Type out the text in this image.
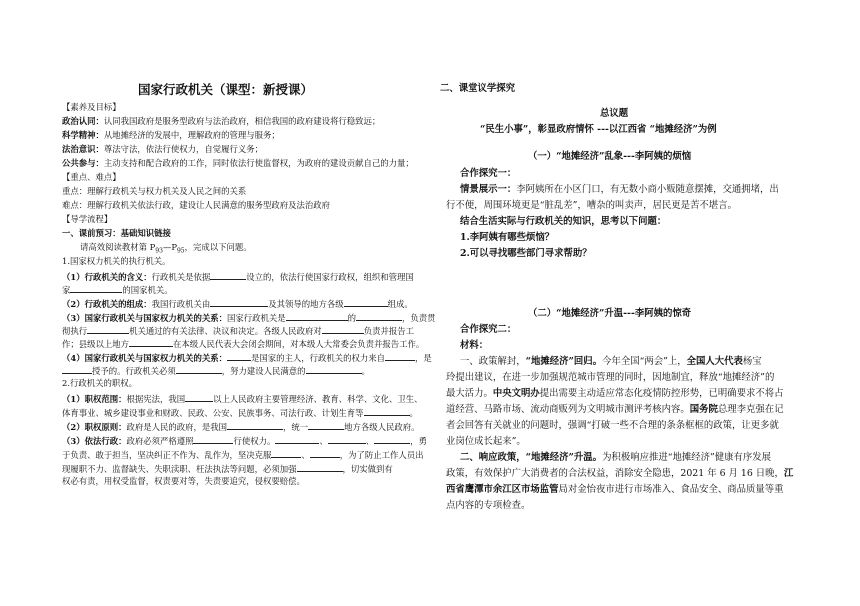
国家行政机关（课型：新授课）
【素养及目标】
政治认同：认同我国政府是服务型政府与法治政府，相信我国的政府建设将行稳致远；
科学精神：从地摊经济的发展中，理解政府的管理与服务；
法治意识：尊法守法，依法行使权力，自觉履行义务；
公共参与：主动支持和配合政府的工作，同时依法行使监督权，为政府的建设贡献自己的力量；
【重点、难点】
重点：理解行政机关与权力机关及人民之间的关系
难点：理解行政机关依法行政，建设让人民满意的服务型政府及法治政府
【导学流程】
一、课前预习：基础知识链接
请高效阅读教材第 $P_{93}—P_{95}$，完成以下问题。
1.国家权力机关的执行机关。
（1）行政机关的含义：行政机关是依据	设立的，依法行使国家行政权，组织和管理国
家	的国家机关。
（2）行政机关的组成：我国行政机关由	及其领导的地方各级	组成。
（3）国家行政机关与国家权力机关的关系：国家行政机关是	的	，负责贯
彻执行	机关通过的有关法律、决议和决定。各级人民政府对	负责并报告工
作；县级以上地方	在本级人民代表大会闭会期间，对本级人大常委会负责并报告工作。
（4）国家行政机关与国家权力机关的关系：	是国家的主人，行政机关的权力来自	，是
授予的。行政机关必须	，努力建设人民满意的	。
2.行政机关的职权。
（1）职权范围：根据宪法，我国	以上人民政府主要管理经济、教育、科学、文化、卫生、
体育事业、城乡建设事业和财政、民政、公安、民族事务、司法行政、计划生育等	。
（2）职权原则：政府是人民的政府，是我国	，统一	地方各级人民政府。
（3）依法行政：政府必须严格遵照	行使权力。	、	、	，勇
于负责、敢于担当，坚决纠正不作为、乱作为，坚决克服	、	，为了防止工作人员出
现履职不力、监督缺失、失职渎职、枉法执法等问题，必须加强	，切实做到有
权必有责，用权受监督，权责要对等，失责要追究，侵权要赔偿。
二、课堂议学探究
总议题
“民生小事”，彰显政府情怀 ---以江西省 “地摊经济”为例
（一）“地摊经济”乱象---李阿姨的烦恼
合作探究一：
情景展示一：李阿姨所在小区门口，有无数小商小贩随意摆摊，交通拥堵，出
行不便，周围环境更是“脏乱差”，嘈杂的叫卖声，居民更是苦不堪言。
结合生活实际与行政机关的知识，思考以下问题：
1.李阿姨有哪些烦恼？
2.可以寻找哪些部门寻求帮助？
（二）“地摊经济”升温---李阿姨的惊奇
合作探究二：
材料：
一、政策解封，“地摊经济”回归。今年全国“两会”上，全国人大代表杨宝
玲提出建议，在进一步加强规范城市管理的同时，因地制宜，释放“地摊经济”的
最大活力。中央文明办提出需要主动适应常态化疫情防控形势，已明确要求不将占
道经营、马路市场、流动商贩列为文明城市测评考核内容。国务院总理李克强在记
者会回答有关就业的问题时，强调“打破一些不合理的条条框框的政策，让更多就
业岗位成长起来”。
二、响应政策，“地摊经济”升温。为积极响应推进“地摊经济”健康有序发展
政策，有效保护广大消费者的合法权益，消除安全隐患，2021 年 6 月 16 日晚，江
西省鹰潭市余江区市场监管局对金怡夜市进行市场准入、食品安全、商品质量等重
点内容的专项检查。
